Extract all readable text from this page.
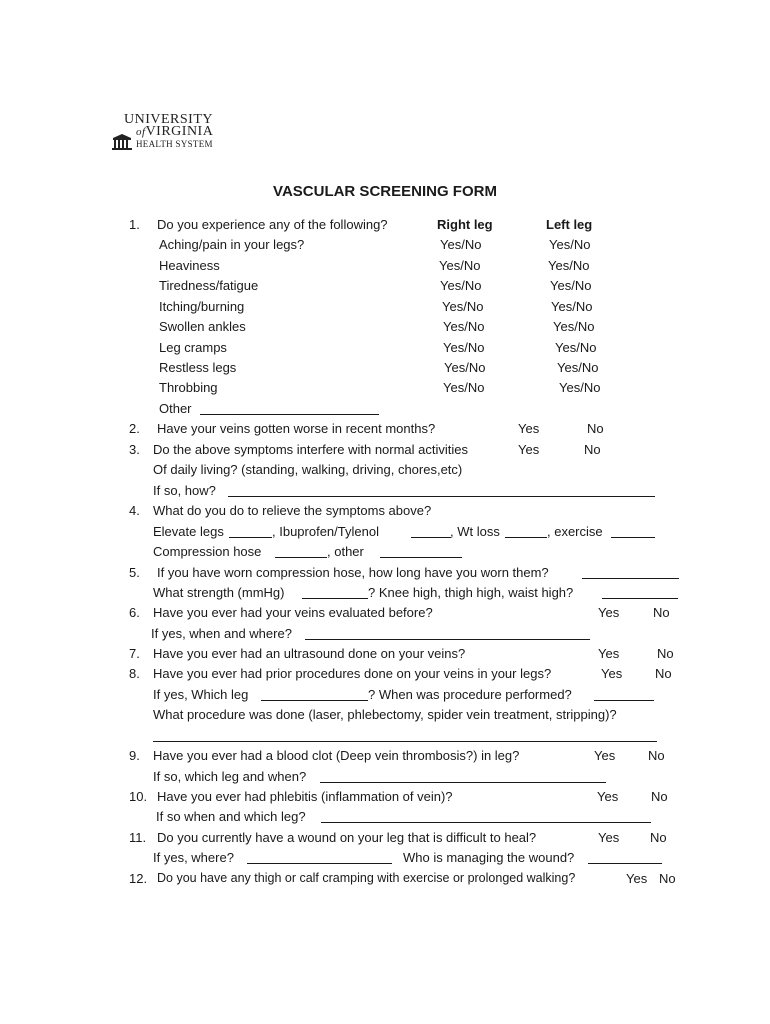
UNIVERSITY
ofVIRGINIA
HEALTH SYSTEM
VASCULAR SCREENING FORM
1. Do you experience any of the following?	Right leg	Left leg
Aching/pain in your legs?	Yes/No	Yes/No
Heaviness	Yes/No	Yes/No
Tiredness/fatigue	Yes/No	Yes/No
Itching/burning	Yes/No	Yes/No
Swollen ankles	Yes/No	Yes/No
Leg cramps	Yes/No	Yes/No
Restless legs	Yes/No	Yes/No
Throbbing	Yes/No	Yes/No
Other
2. Have your veins gotten worse in recent months?	Yes	No
3. Do the above symptoms interfere with normal activities	Yes	No
Of daily living? (standing, walking, driving, chores,etc)
If so, how?
4. What do you do to relieve the symptoms above?
Elevate legs	, Ibuprofen/Tylenol	, Wt loss	, exercise
Compression hose	, other
5. If you have worn compression hose, how long have you worn them?
What strength (mmHg)	? Knee high, thigh high, waist high?
6. Have you ever had your veins evaluated before?	Yes	No
If yes, when and where?
7. Have you ever had an ultrasound done on your veins?	Yes	No
8. Have you ever had prior procedures done on your veins in your legs?	Yes	No
If yes, Which leg	? When was procedure performed?
What procedure was done (laser, phlebectomy, spider vein treatment, stripping)?
9. Have you ever had a blood clot (Deep vein thrombosis?) in leg?	Yes	No
If so, which leg and when?
10. Have you ever had phlebitis (inflammation of vein)?	Yes	No
If so when and which leg?
11. Do you currently have a wound on your leg that is difficult to heal?	Yes No
If yes, where?	Who is managing the wound?
12. Do you have any thigh or calf cramping with exercise or prolonged walking?	Yes No
